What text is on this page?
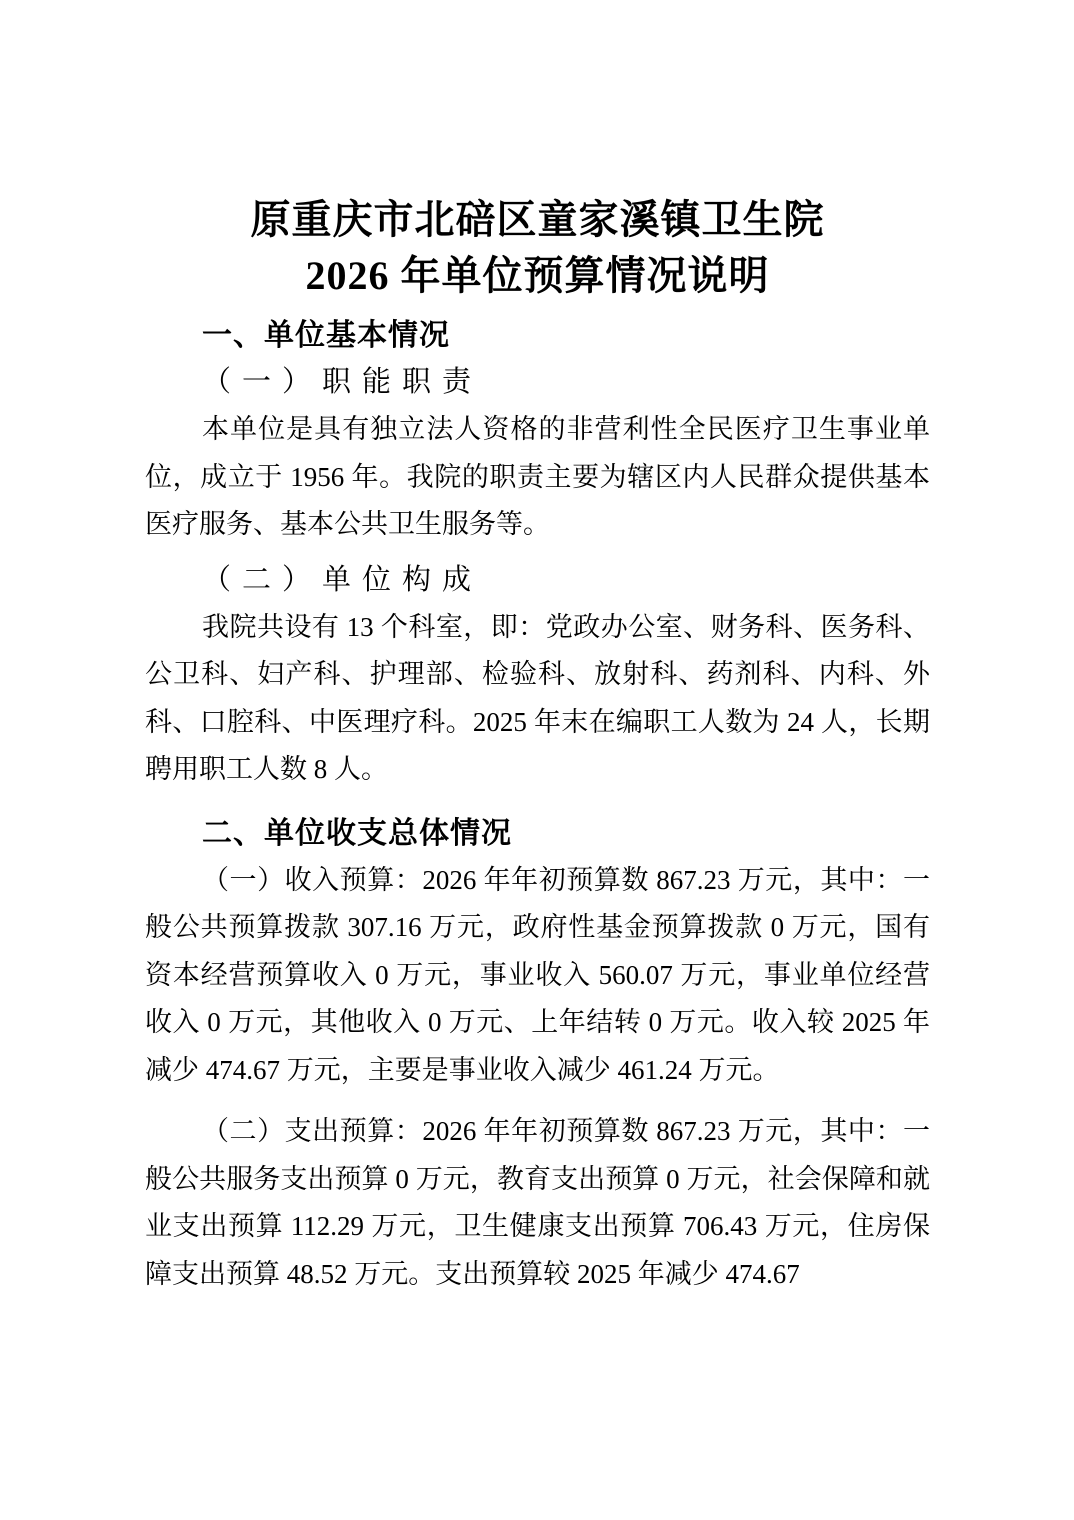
原重庆市北碚区童家溪镇卫生院
2026 年单位预算情况说明
一、单位基本情况
（一）职能职责

本单位是具有独立法人资格的非营利性全民医疗卫生事业单位，成立于 1956 年。我院的职责主要为辖区内人民群众提供基本医疗服务、基本公共卫生服务等。

（二）单位构成

我院共设有 13 个科室，即：党政办公室、财务科、医务科、公卫科、妇产科、护理部、检验科、放射科、药剂科、内科、外科、口腔科、中医理疗科。2025 年末在编职工人数为 24 人，长期聘用职工人数 8 人。

二、单位收支总体情况

（一）收入预算：2026 年年初预算数 867.23 万元，其中：一般公共预算拨款 307.16 万元，政府性基金预算拨款 0 万元，国有资本经营预算收入 0 万元，事业收入 560.07 万元，事业单位经营收入 0 万元，其他收入 0 万元、上年结转 0 万元。收入较 2025 年减少 474.67 万元，主要是事业收入减少 461.24 万元。

（二）支出预算：2026 年年初预算数 867.23 万元，其中：一般公共服务支出预算 0 万元，教育支出预算 0 万元，社会保障和就业支出预算 112.29 万元，卫生健康支出预算 706.43 万元，住房保障支出预算 48.52 万元。支出预算较 2025 年减少 474.67
